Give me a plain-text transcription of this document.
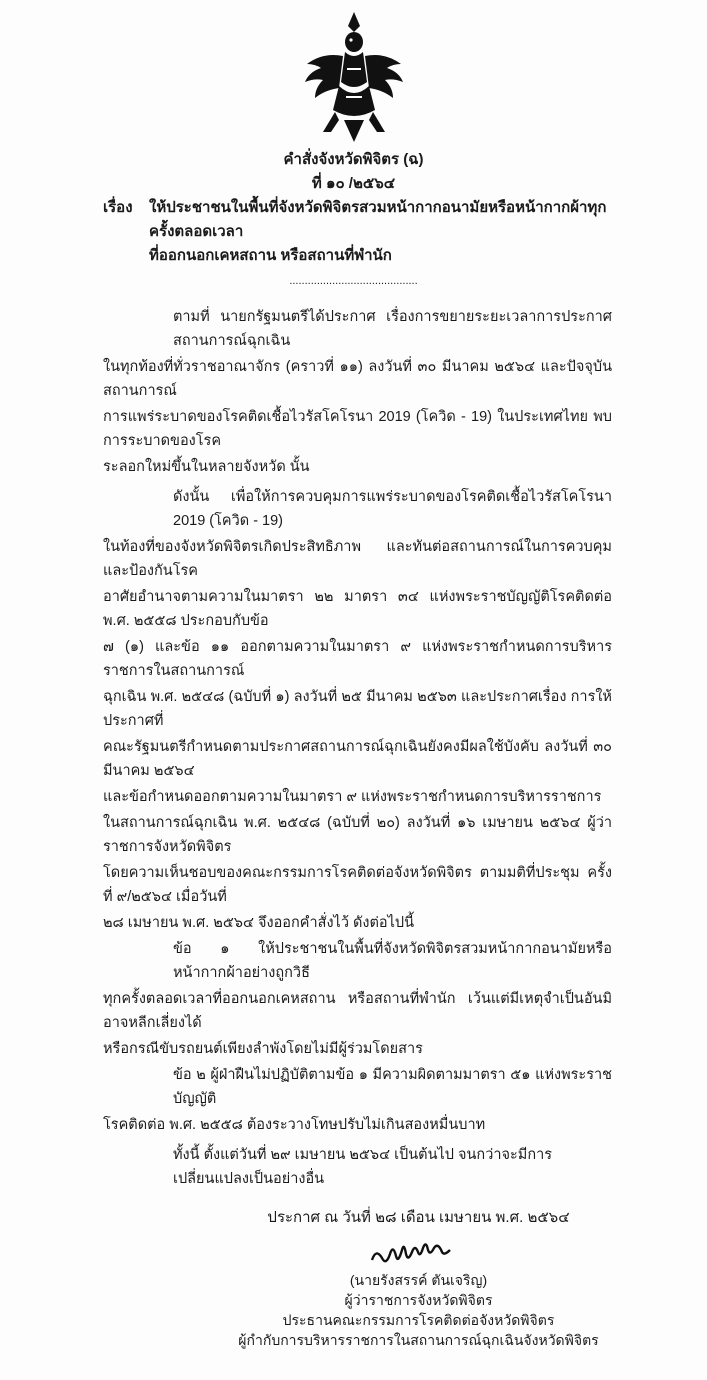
คำสั่งจังหวัดพิจิตร (ฉ)
ที่ ๑๐ /๒๕๖๔
เรื่อง	ให้ประชาชนในพื้นที่จังหวัดพิจิตรสวมหน้ากากอนามัยหรือหน้ากากผ้าทุกครั้งตลอดเวลา
ที่ออกนอกเคหสถาน หรือสถานที่พำนัก
..........................................
ตามที่ นายกรัฐมนตรีได้ประกาศ เรื่องการขยายระยะเวลาการประกาศสถานการณ์ฉุกเฉิน
ในทุกท้องที่ทั่วราชอาณาจักร (คราวที่ ๑๑) ลงวันที่ ๓๐ มีนาคม ๒๕๖๔ และปัจจุบันสถานการณ์
การแพร่ระบาดของโรคติดเชื้อไวรัสโคโรนา 2019 (โควิด - 19) ในประเทศไทย พบการระบาดของโรค
ระลอกใหม่ขึ้นในหลายจังหวัด นั้น
ดังนั้น เพื่อให้การควบคุมการแพร่ระบาดของโรคติดเชื้อไวรัสโคโรนา 2019 (โควิด - 19)
ในท้องที่ของจังหวัดพิจิตรเกิดประสิทธิภาพ และทันต่อสถานการณ์ในการควบคุม และป้องกันโรค
อาศัยอำนาจตามความในมาตรา ๒๒ มาตรา ๓๔ แห่งพระราชบัญญัติโรคติดต่อ พ.ศ. ๒๕๕๘ ประกอบกับข้อ
๗ (๑) และข้อ ๑๑ ออกตามความในมาตรา ๙ แห่งพระราชกำหนดการบริหารราชการในสถานการณ์
ฉุกเฉิน พ.ศ. ๒๕๔๘ (ฉบับที่ ๑) ลงวันที่ ๒๕ มีนาคม ๒๕๖๓ และประกาศเรื่อง การให้ประกาศที่
คณะรัฐมนตรีกำหนดตามประกาศสถานการณ์ฉุกเฉินยังคงมีผลใช้บังคับ ลงวันที่ ๓๐ มีนาคม ๒๕๖๔
และข้อกำหนดออกตามความในมาตรา ๙ แห่งพระราชกำหนดการบริหารราชการ
ในสถานการณ์ฉุกเฉิน พ.ศ. ๒๕๔๘ (ฉบับที่ ๒๐) ลงวันที่ ๑๖ เมษายน ๒๕๖๔ ผู้ว่าราชการจังหวัดพิจิตร
โดยความเห็นชอบของคณะกรรมการโรคติดต่อจังหวัดพิจิตร ตามมติที่ประชุม ครั้งที่ ๙/๒๕๖๔ เมื่อวันที่
๒๘ เมษายน พ.ศ. ๒๕๖๔ จึงออกคำสั่งไว้ ดังต่อไปนี้
ข้อ ๑ ให้ประชาชนในพื้นที่จังหวัดพิจิตรสวมหน้ากากอนามัยหรือหน้ากากผ้าอย่างถูกวิธี
ทุกครั้งตลอดเวลาที่ออกนอกเคหสถาน หรือสถานที่พำนัก เว้นแต่มีเหตุจำเป็นอันมิอาจหลีกเลี่ยงได้
หรือกรณีขับรถยนต์เพียงลำพังโดยไม่มีผู้ร่วมโดยสาร
ข้อ ๒ ผู้ฝ่าฝืนไม่ปฏิบัติตามข้อ ๑ มีความผิดตามมาตรา ๕๑ แห่งพระราชบัญญัติ
โรคติดต่อ พ.ศ. ๒๕๕๘ ต้องระวางโทษปรับไม่เกินสองหมื่นบาท
ทั้งนี้ ตั้งแต่วันที่ ๒๙ เมษายน ๒๕๖๔ เป็นต้นไป จนกว่าจะมีการเปลี่ยนแปลงเป็นอย่างอื่น
ประกาศ ณ วันที่ ๒๘ เดือน เมษายน พ.ศ. ๒๕๖๔
(นายรังสรรค์ ตันเจริญ)
ผู้ว่าราชการจังหวัดพิจิตร
ประธานคณะกรรมการโรคติดต่อจังหวัดพิจิตร
ผู้กำกับการบริหารราชการในสถานการณ์ฉุกเฉินจังหวัดพิจิตร
